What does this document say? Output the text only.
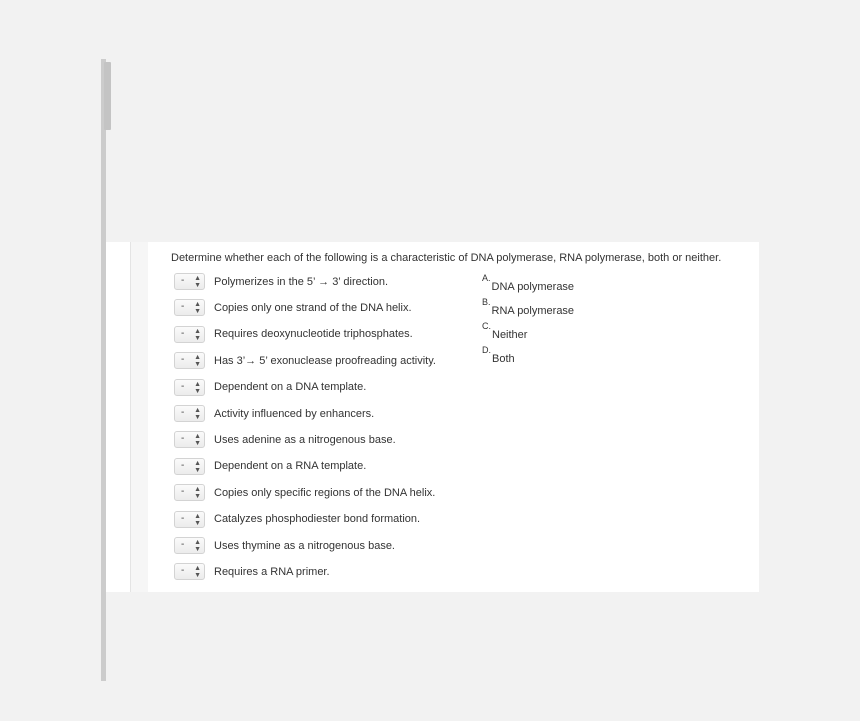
Determine whether each of the following is a characteristic of DNA polymerase, RNA polymerase, both or neither.
- ▲
▼ Polymerizes in the 5’ → 3’ direction.
- ▲
▼ Copies only one strand of the DNA helix.
- ▲
▼ Requires deoxynucleotide triphosphates.
- ▲
▼ Has 3’→ 5’ exonuclease proofreading activity.
- ▲
▼ Dependent on a DNA template.
- ▲
▼ Activity influenced by enhancers.
- ▲
▼ Uses adenine as a nitrogenous base.
- ▲
▼ Dependent on a RNA template.
- ▲
▼ Copies only specific regions of the DNA helix.
- ▲
▼ Catalyzes phosphodiester bond formation.
- ▲
▼ Uses thymine as a nitrogenous base.
- ▲
▼ Requires a RNA primer.
$^{A.}_{DNA polymerase}$
$^{B.}_{RNA polymerase}$
$^{C.}_{Neither}$
$^{D.}_{Both}$
